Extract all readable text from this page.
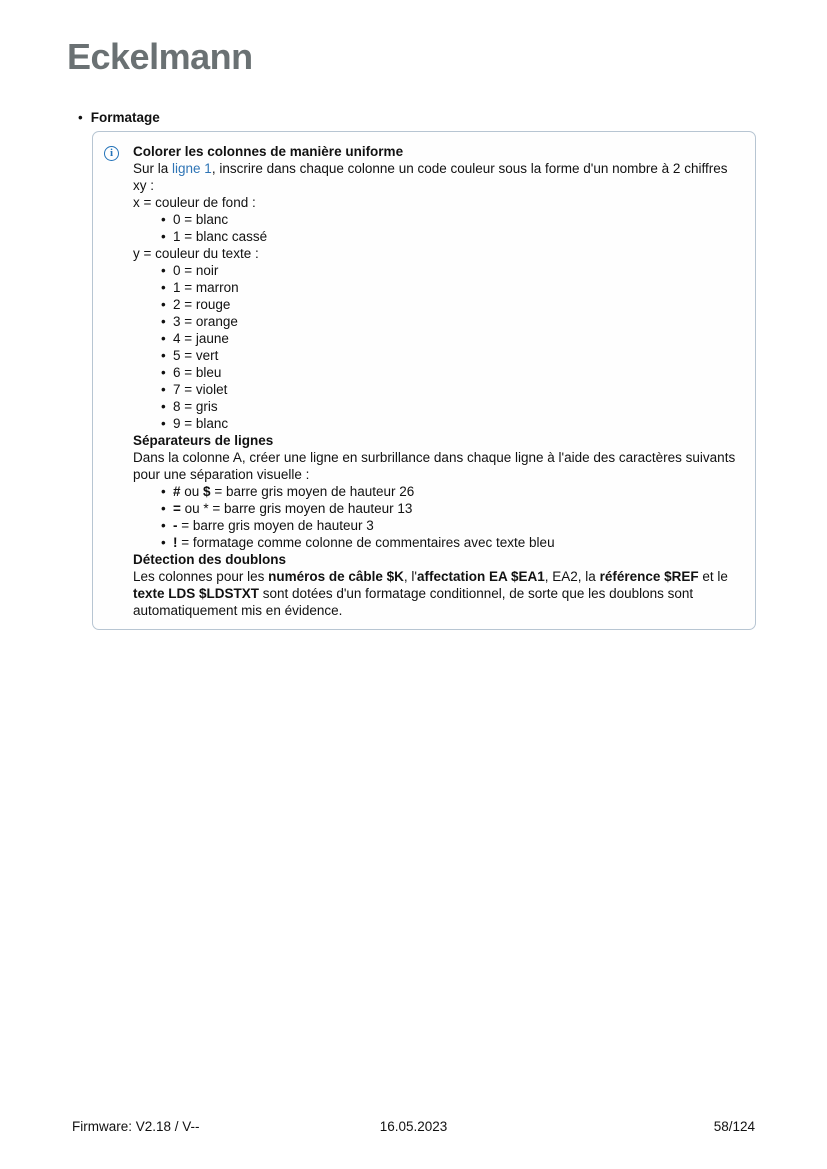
Eckelmann
• Formatage
i	Colorer les colonnes de manière uniforme

Sur la ligne 1, inscrire dans chaque colonne un code couleur sous la forme d'un nombre à 2 chiffres xy :

x = couleur de fond :
• 0 = blanc
• 1 = blanc cassé
y = couleur du texte :
• 0 = noir
• 1 = marron
• 2 = rouge
• 3 = orange
• 4 = jaune
• 5 = vert
• 6 = bleu
• 7 = violet
• 8 = gris
• 9 = blanc
Séparateurs de lignes

Dans la colonne A, créer une ligne en surbrillance dans chaque ligne à l'aide des caractères suivants pour une séparation visuelle :

• # ou $ = barre gris moyen de hauteur 26
• = ou * = barre gris moyen de hauteur 13
• - = barre gris moyen de hauteur 3
• ! = formatage comme colonne de commentaires avec texte bleu
Détection des doublons

Les colonnes pour les numéros de câble $K, l'affectation EA $EA1, EA2, la référence $REF et le texte LDS $LDSTXT sont dotées d'un formatage conditionnel, de sorte que les doublons sont automatiquement mis en évidence.

Firmware: V2.18 / V--	16.05.2023	58/124
